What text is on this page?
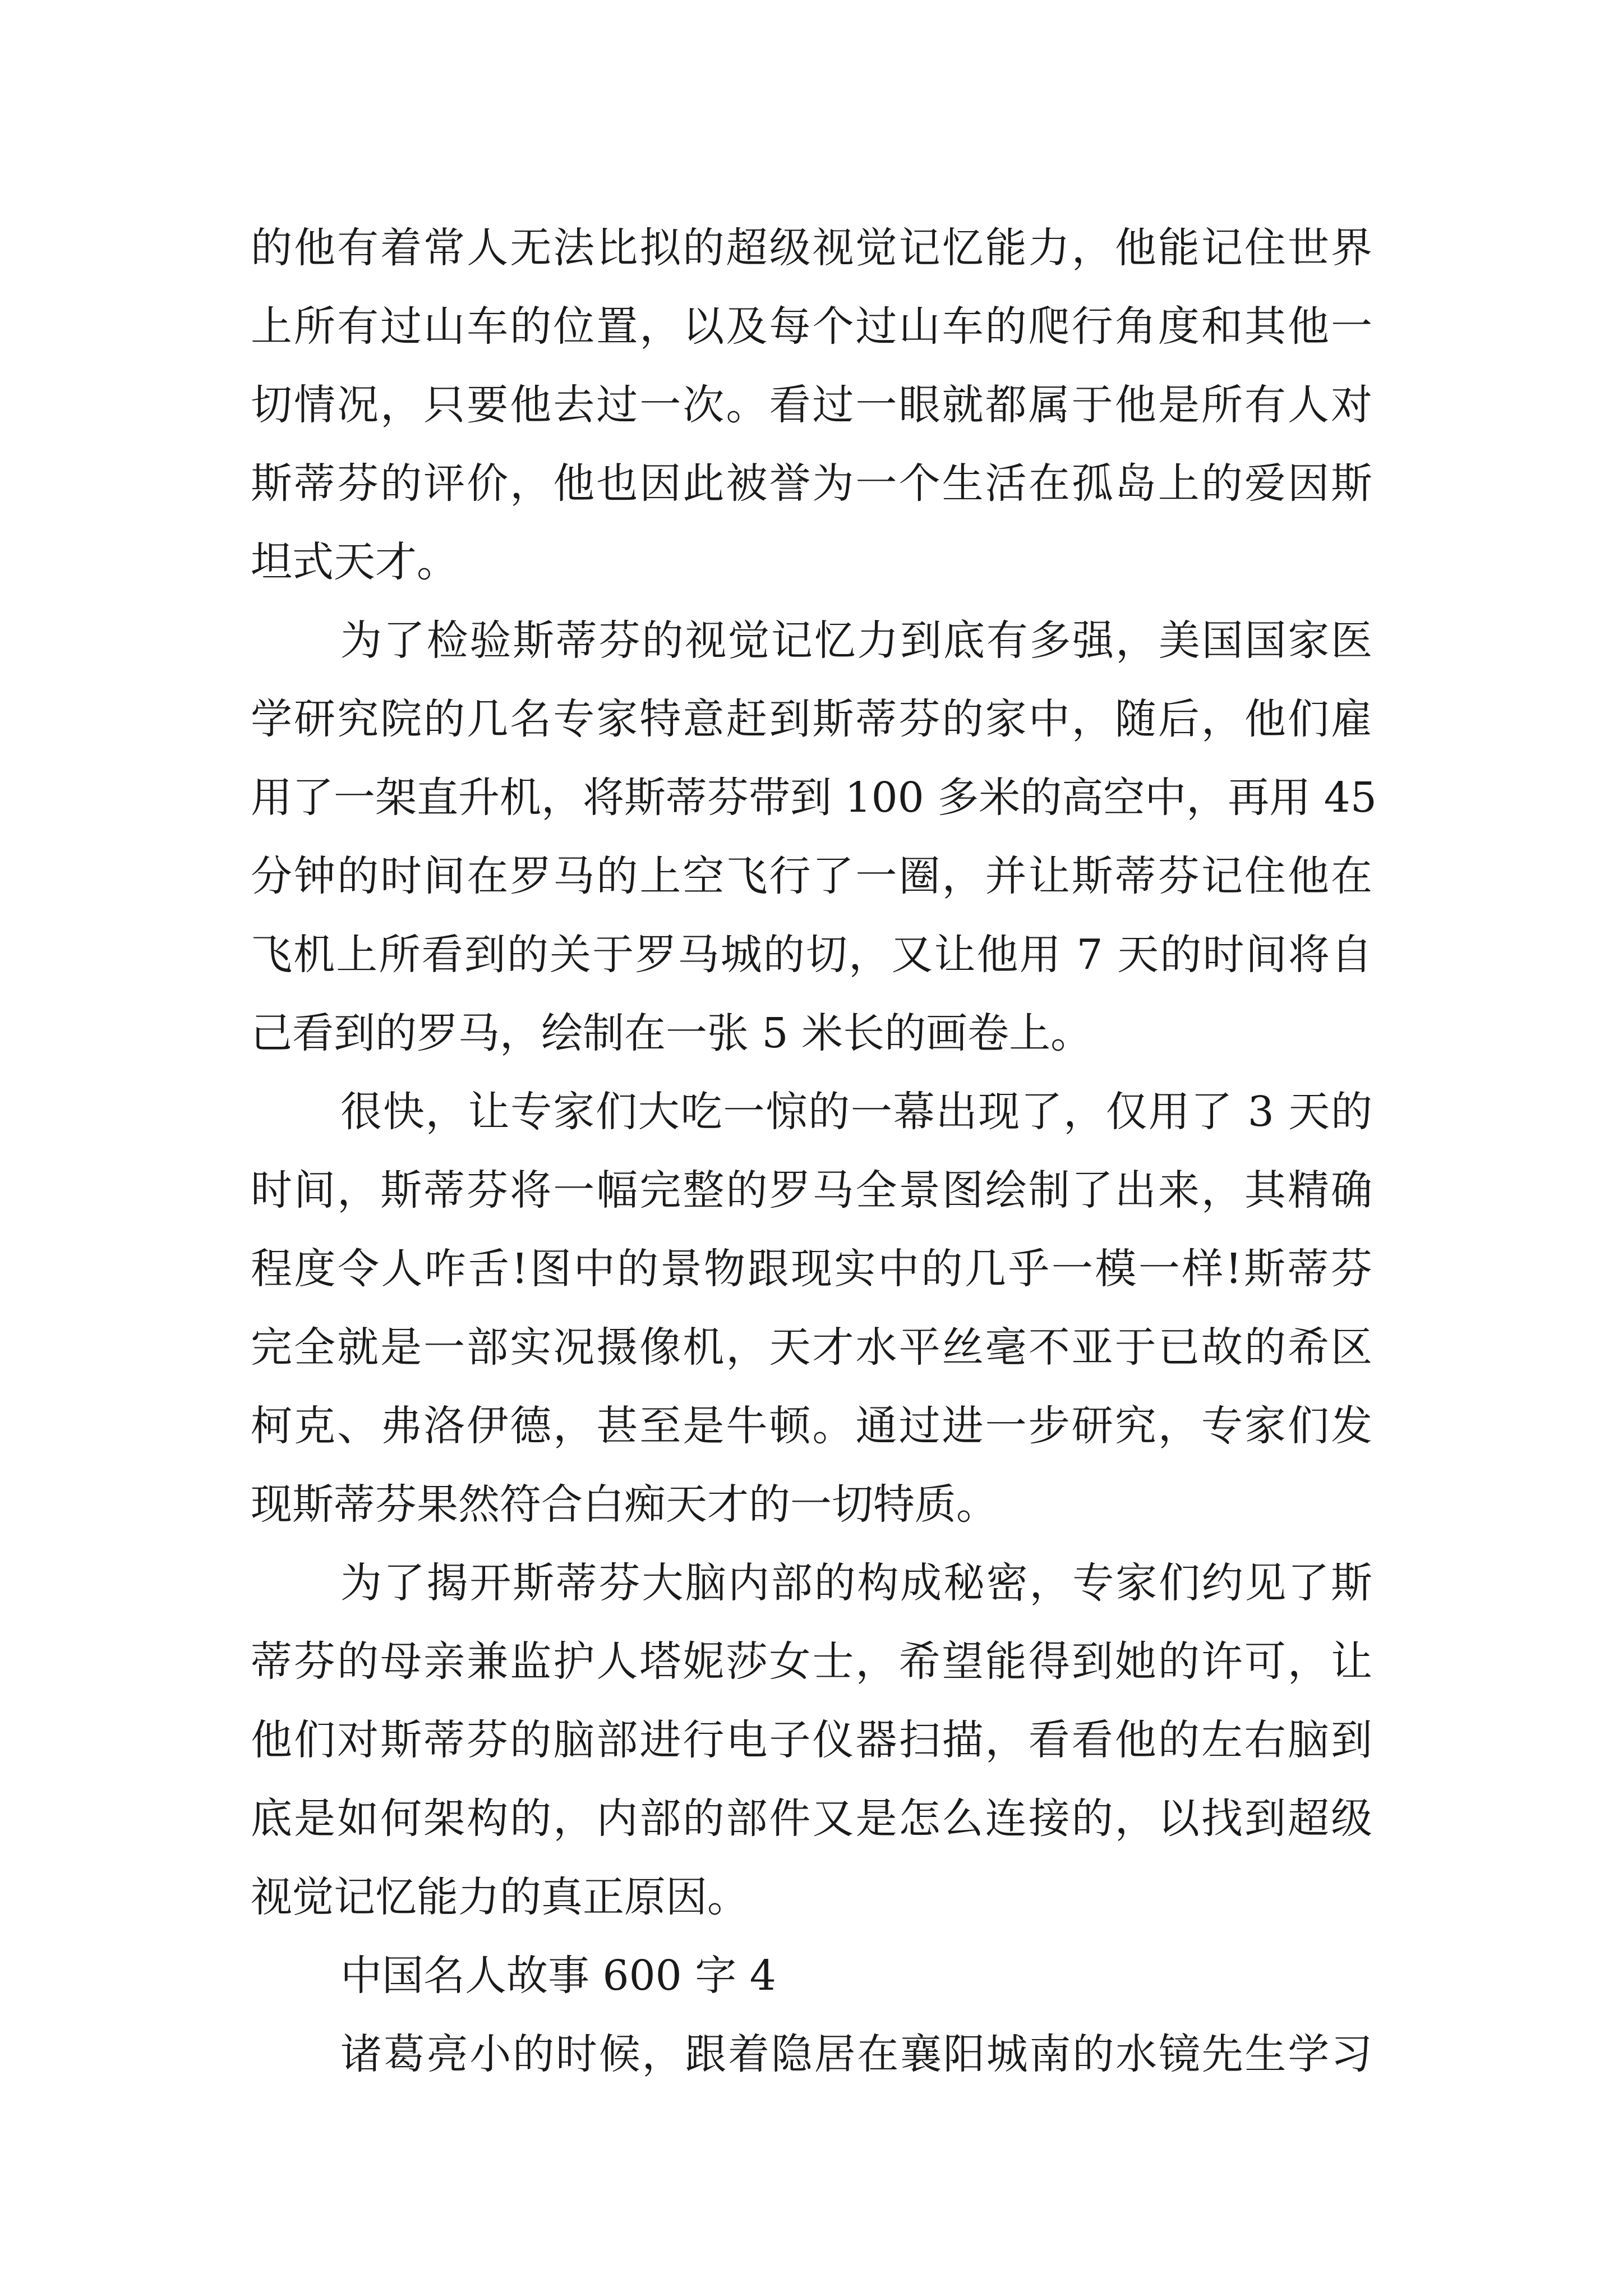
的他有着常人无法比拟的超级视觉记忆能力，他能记住世界
上所有过山车的位置，以及每个过山车的爬行角度和其他一
切情况，只要他去过一次。看过一眼就都属于他是所有人对
斯蒂芬的评价，他也因此被誉为一个生活在孤岛上的爱因斯
坦式天才。
为了检验斯蒂芬的视觉记忆力到底有多强，美国国家医
学研究院的几名专家特意赶到斯蒂芬的家中，随后，他们雇
用了一架直升机，将斯蒂芬带到 100 多米的高空中，再用 45
分钟的时间在罗马的上空飞行了一圈，并让斯蒂芬记住他在
飞机上所看到的关于罗马城的切，又让他用 7 天的时间将自
己看到的罗马，绘制在一张 5 米长的画卷上。
很快，让专家们大吃一惊的一幕出现了，仅用了 3 天的
时间，斯蒂芬将一幅完整的罗马全景图绘制了出来，其精确
程度令人咋舌!图中的景物跟现实中的几乎一模一样!斯蒂芬
完全就是一部实况摄像机，天才水平丝毫不亚于已故的希区
柯克、弗洛伊德，甚至是牛顿。通过进一步研究，专家们发
现斯蒂芬果然符合白痴天才的一切特质。
为了揭开斯蒂芬大脑内部的构成秘密，专家们约见了斯
蒂芬的母亲兼监护人塔妮莎女士，希望能得到她的许可，让
他们对斯蒂芬的脑部进行电子仪器扫描，看看他的左右脑到
底是如何架构的，内部的部件又是怎么连接的，以找到超级
视觉记忆能力的真正原因。
中国名人故事 600 字 4
诸葛亮小的时候，跟着隐居在襄阳城南的水镜先生学习
